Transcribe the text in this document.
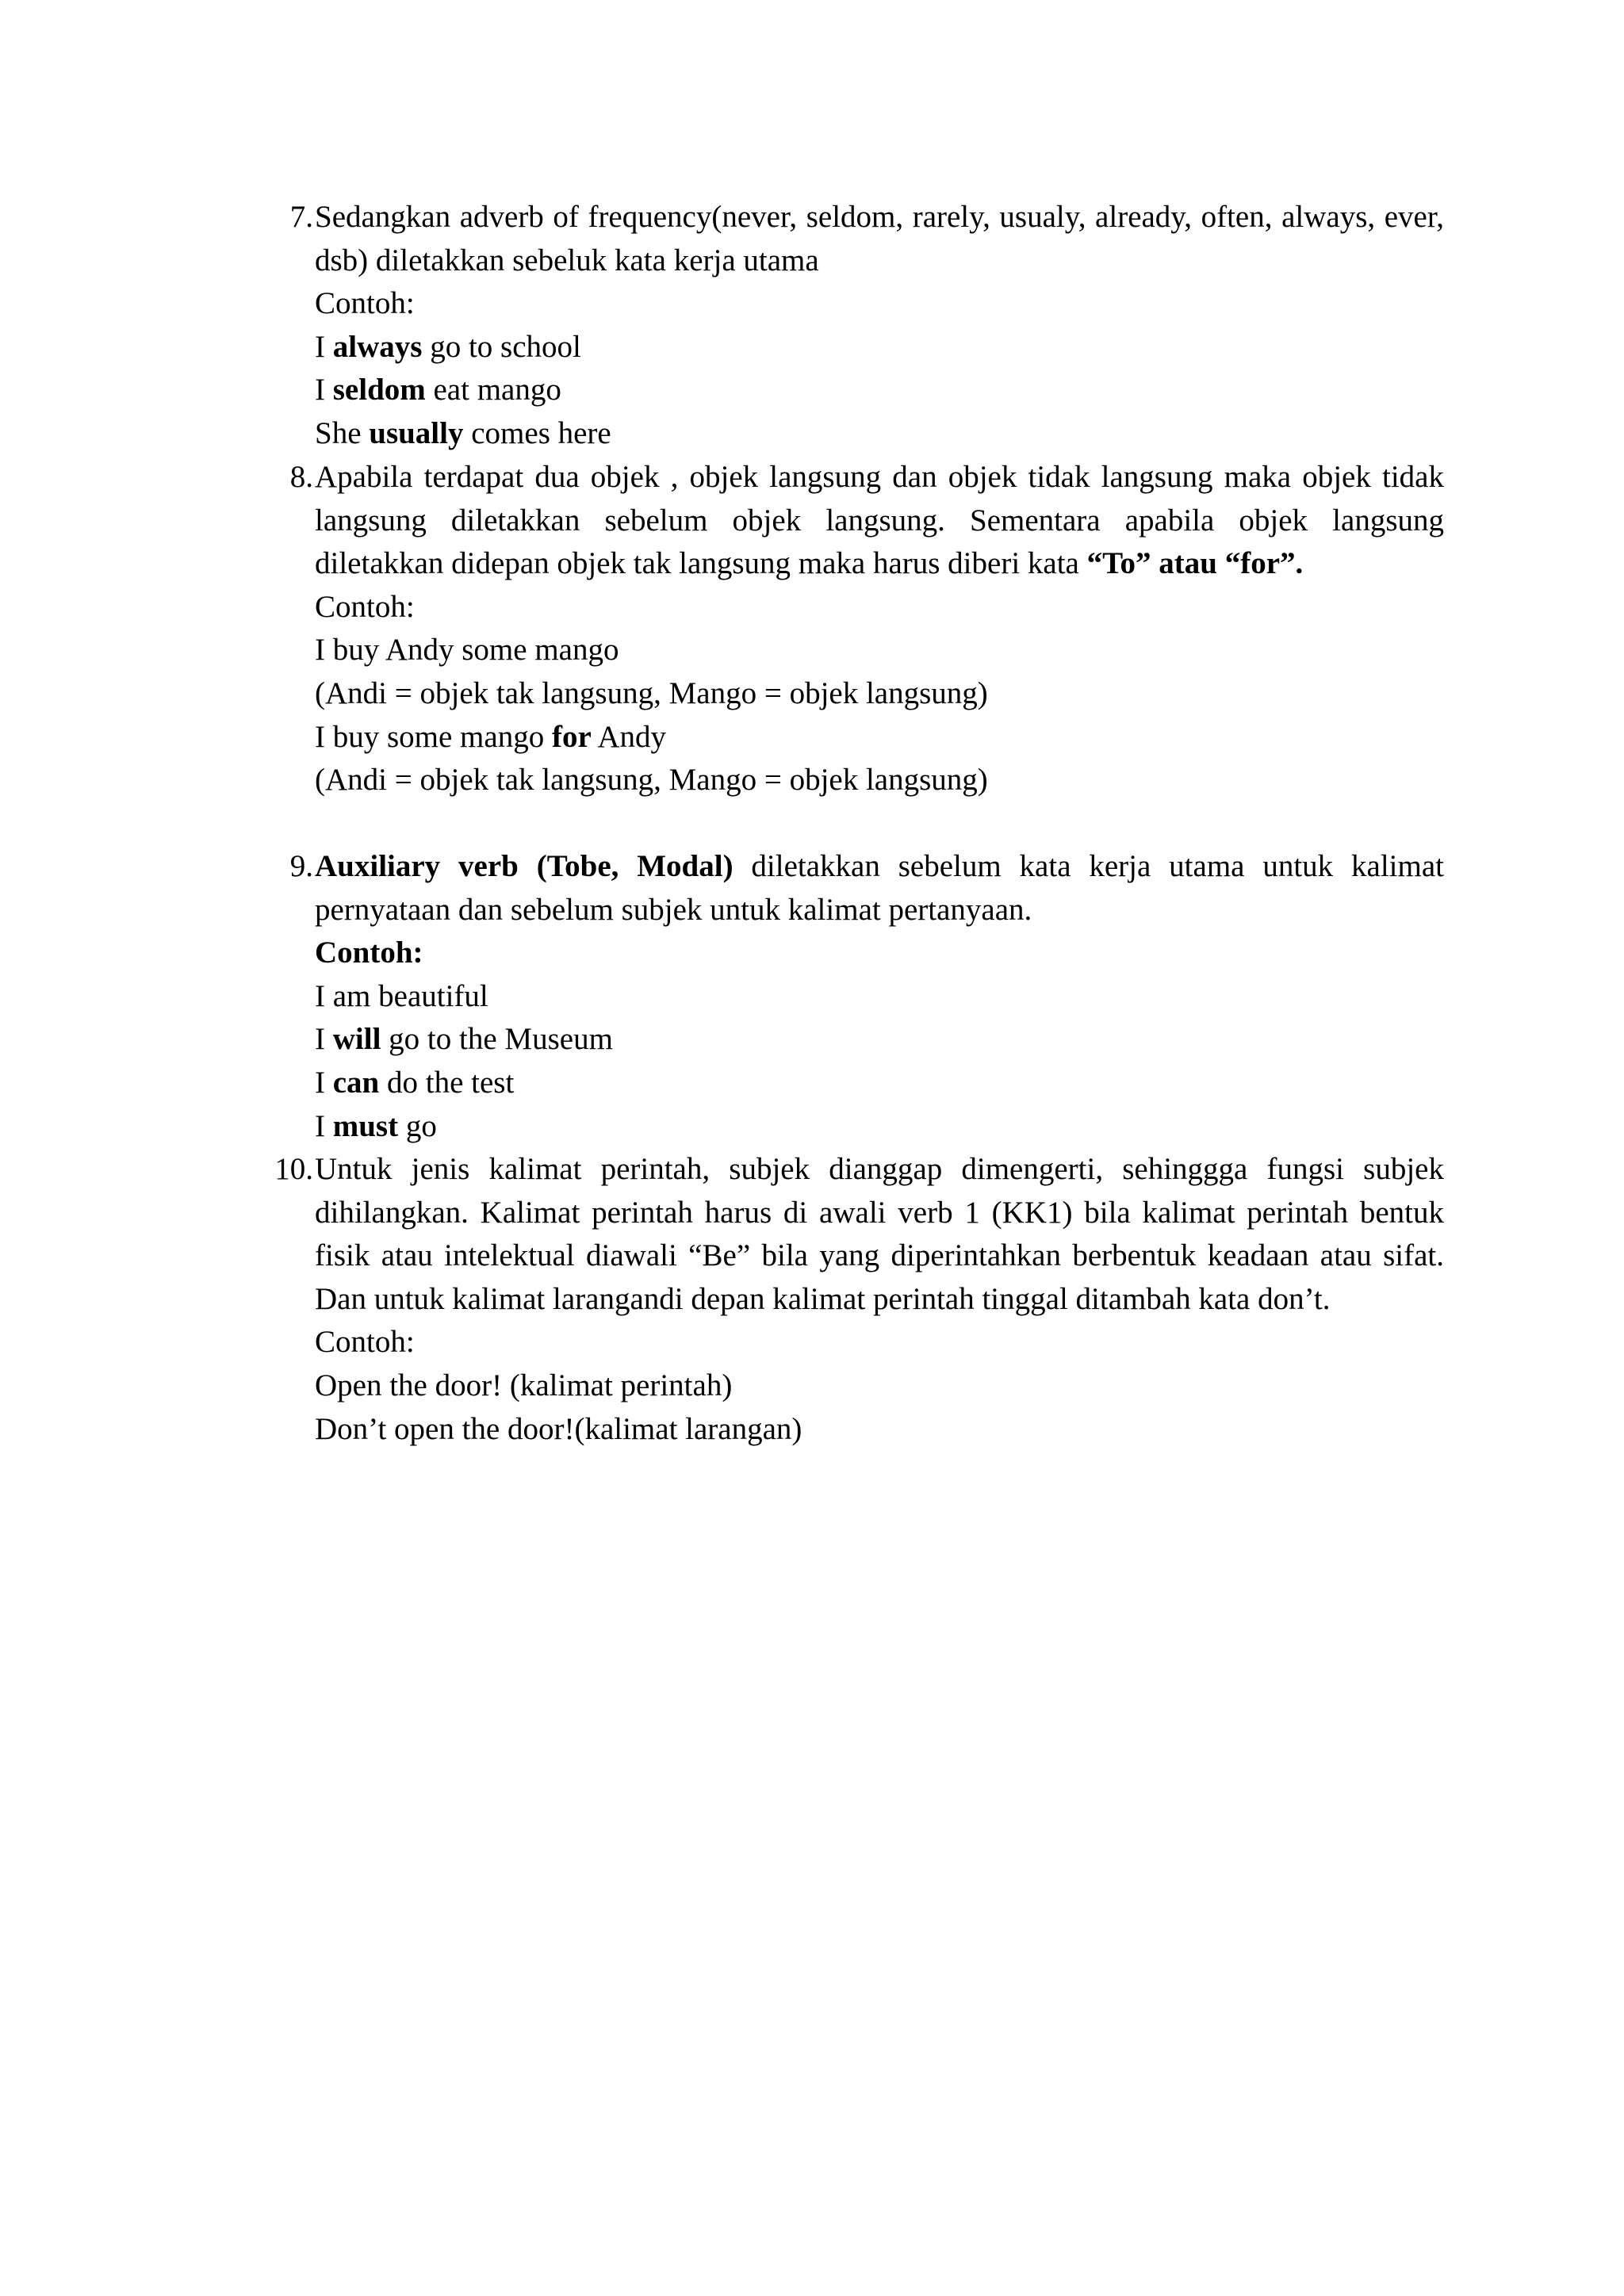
7. Sedangkan adverb of frequency(never, seldom, rarely, usualy, already, often, always, ever, dsb) diletakkan sebeluk kata kerja utama

Contoh:

I always go to school

I seldom eat mango

She usually comes here

8. Apabila terdapat dua objek , objek langsung dan objek tidak langsung maka objek tidak langsung diletakkan sebelum objek langsung. Sementara apabila objek langsung diletakkan didepan objek tak langsung maka harus diberi kata “To” atau “for”.

Contoh:

I buy Andy some mango

(Andi = objek tak langsung, Mango = objek langsung)

I buy some mango for Andy

(Andi = objek tak langsung, Mango = objek langsung)

9. Auxiliary verb (Tobe, Modal) diletakkan sebelum kata kerja utama untuk kalimat pernyataan dan sebelum subjek untuk kalimat pertanyaan.

Contoh:

I am beautiful

I will go to the Museum

I can do the test

I must go

10. Untuk jenis kalimat perintah, subjek dianggap dimengerti, sehinggga fungsi subjek dihilangkan. Kalimat perintah harus di awali verb 1 (KK1) bila kalimat perintah bentuk fisik atau intelektual diawali “Be” bila yang diperintahkan berbentuk keadaan atau sifat. Dan untuk kalimat larangandi depan kalimat perintah tinggal ditambah kata don’t.

Contoh:

Open the door! (kalimat perintah)

Don’t open the door!(kalimat larangan)
